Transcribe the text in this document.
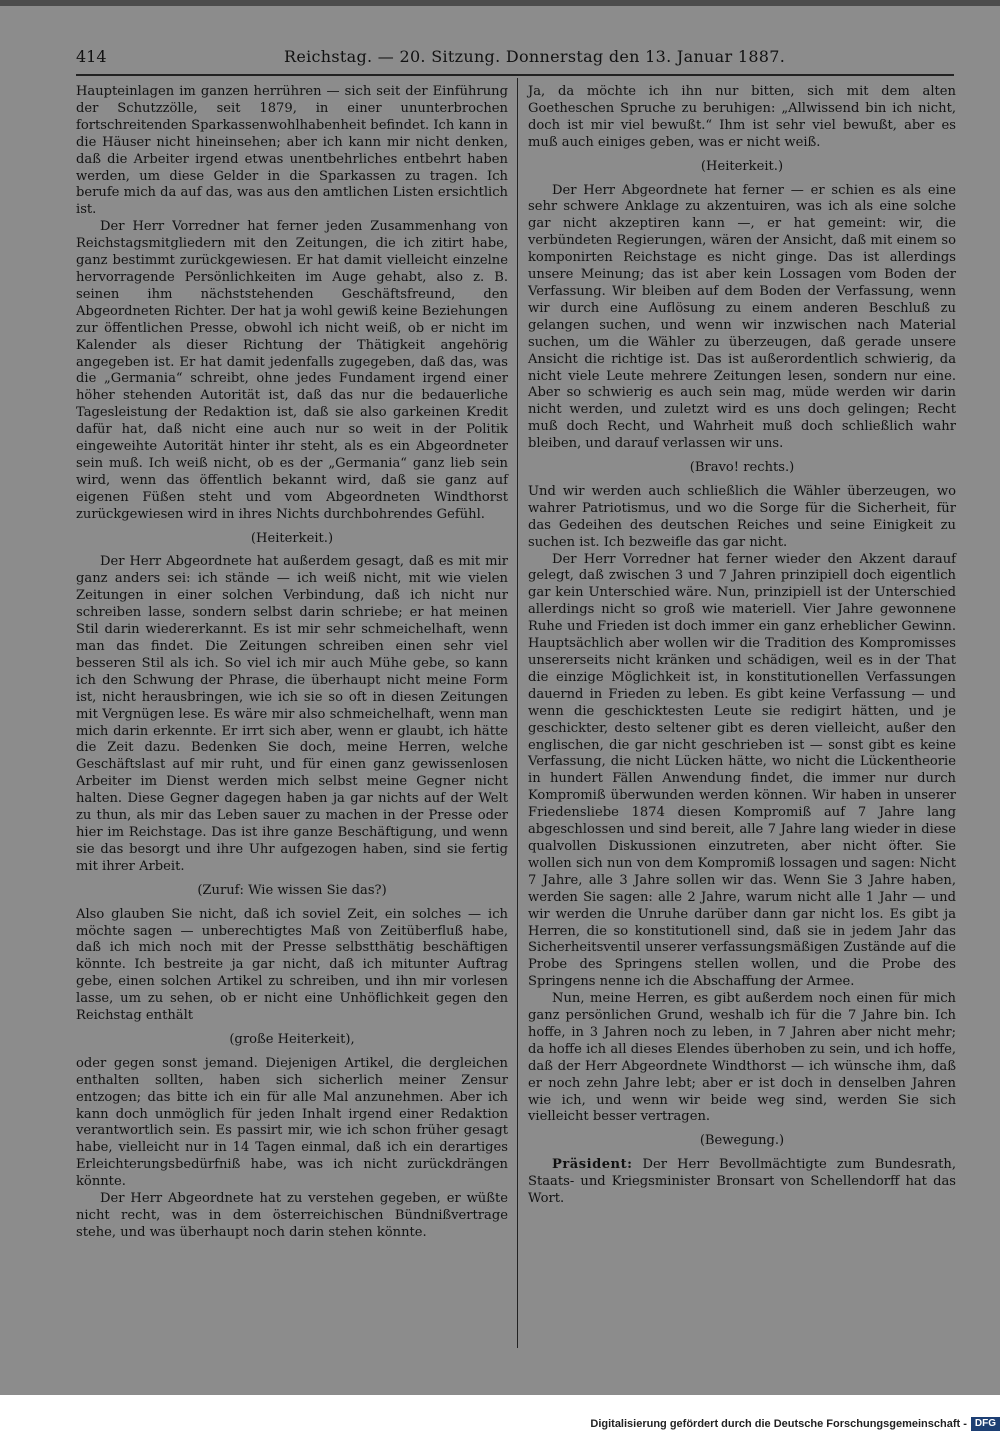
414	Reichstag. — 20. Sitzung. Donnerstag den 13. Januar 1887.

Haupteinlagen im ganzen herrühren — sich seit der Einführung der Schutzzölle, seit 1879, in einer ununterbrochen fortschreitenden Sparkassenwohlhabenheit befindet. Ich kann in die Häuser nicht hineinsehen; aber ich kann mir nicht denken, daß die Arbeiter irgend etwas unentbehrliches entbehrt haben werden, um diese Gelder in die Sparkassen zu tragen. Ich berufe mich da auf das, was aus den amtlichen Listen ersichtlich ist.

Der Herr Vorredner hat ferner jeden Zusammenhang von Reichstagsmitgliedern mit den Zeitungen, die ich zitirt habe, ganz bestimmt zurückgewiesen. Er hat damit vielleicht einzelne hervorragende Persönlichkeiten im Auge gehabt, also z. B. seinen ihm nächststehenden Geschäftsfreund, den Abgeordneten Richter. Der hat ja wohl gewiß keine Beziehungen zur öffentlichen Presse, obwohl ich nicht weiß, ob er nicht im Kalender als dieser Richtung der Thätigkeit angehörig angegeben ist. Er hat damit jedenfalls zugegeben, daß das, was die „Germania“ schreibt, ohne jedes Fundament irgend einer höher stehenden Autorität ist, daß das nur die bedauerliche Tagesleistung der Redaktion ist, daß sie also garkeinen Kredit dafür hat, daß nicht eine auch nur so weit in der Politik eingeweihte Autorität hinter ihr steht, als es ein Abgeordneter sein muß. Ich weiß nicht, ob es der „Germania“ ganz lieb sein wird, wenn das öffentlich bekannt wird, daß sie ganz auf eigenen Füßen steht und vom Abgeordneten Windthorst zurückgewiesen wird in ihres Nichts durchbohrendes Gefühl.

(Heiterkeit.)

Der Herr Abgeordnete hat außerdem gesagt, daß es mit mir ganz anders sei: ich stände — ich weiß nicht, mit wie vielen Zeitungen in einer solchen Verbindung, daß ich nicht nur schreiben lasse, sondern selbst darin schriebe; er hat meinen Stil darin wiedererkannt. Es ist mir sehr schmeichelhaft, wenn man das findet. Die Zeitungen schreiben einen sehr viel besseren Stil als ich. So viel ich mir auch Mühe gebe, so kann ich den Schwung der Phrase, die überhaupt nicht meine Form ist, nicht herausbringen, wie ich sie so oft in diesen Zeitungen mit Vergnügen lese. Es wäre mir also schmeichelhaft, wenn man mich darin erkennte. Er irrt sich aber, wenn er glaubt, ich hätte die Zeit dazu. Bedenken Sie doch, meine Herren, welche Geschäftslast auf mir ruht, und für einen ganz gewissenlosen Arbeiter im Dienst werden mich selbst meine Gegner nicht halten. Diese Gegner dagegen haben ja gar nichts auf der Welt zu thun, als mir das Leben sauer zu machen in der Presse oder hier im Reichstage. Das ist ihre ganze Beschäftigung, und wenn sie das besorgt und ihre Uhr aufgezogen haben, sind sie fertig mit ihrer Arbeit.

(Zuruf: Wie wissen Sie das?)

Also glauben Sie nicht, daß ich soviel Zeit, ein solches — ich möchte sagen — unberechtigtes Maß von Zeitüberfluß habe, daß ich mich noch mit der Presse selbstthätig beschäftigen könnte. Ich bestreite ja gar nicht, daß ich mitunter Auftrag gebe, einen solchen Artikel zu schreiben, und ihn mir vorlesen lasse, um zu sehen, ob er nicht eine Unhöflichkeit gegen den Reichstag enthält

(große Heiterkeit),

oder gegen sonst jemand. Diejenigen Artikel, die dergleichen enthalten sollten, haben sich sicherlich meiner Zensur entzogen; das bitte ich ein für alle Mal anzunehmen. Aber ich kann doch unmöglich für jeden Inhalt irgend einer Redaktion verantwortlich sein. Es passirt mir, wie ich schon früher gesagt habe, vielleicht nur in 14 Tagen einmal, daß ich ein derartiges Erleichterungsbedürfniß habe, was ich nicht zurückdrängen könnte.

Der Herr Abgeordnete hat zu verstehen gegeben, er wüßte nicht recht, was in dem österreichischen Bündnißvertrage stehe, und was überhaupt noch darin stehen könnte.

Ja, da möchte ich ihn nur bitten, sich mit dem alten Goetheschen Spruche zu beruhigen: „Allwissend bin ich nicht, doch ist mir viel bewußt.“ Ihm ist sehr viel bewußt, aber es muß auch einiges geben, was er nicht weiß.

(Heiterkeit.)

Der Herr Abgeordnete hat ferner — er schien es als eine sehr schwere Anklage zu akzentuiren, was ich als eine solche gar nicht akzeptiren kann —, er hat gemeint: wir, die verbündeten Regierungen, wären der Ansicht, daß mit einem so komponirten Reichstage es nicht ginge. Das ist allerdings unsere Meinung; das ist aber kein Lossagen vom Boden der Verfassung. Wir bleiben auf dem Boden der Verfassung, wenn wir durch eine Auflösung zu einem anderen Beschluß zu gelangen suchen, und wenn wir inzwischen nach Material suchen, um die Wähler zu überzeugen, daß gerade unsere Ansicht die richtige ist. Das ist außerordentlich schwierig, da nicht viele Leute mehrere Zeitungen lesen, sondern nur eine. Aber so schwierig es auch sein mag, müde werden wir darin nicht werden, und zuletzt wird es uns doch gelingen; Recht muß doch Recht, und Wahrheit muß doch schließlich wahr bleiben, und darauf verlassen wir uns.

(Bravo! rechts.)

Und wir werden auch schließlich die Wähler überzeugen, wo wahrer Patriotismus, und wo die Sorge für die Sicherheit, für das Gedeihen des deutschen Reiches und seine Einigkeit zu suchen ist. Ich bezweifle das gar nicht.

Der Herr Vorredner hat ferner wieder den Akzent darauf gelegt, daß zwischen 3 und 7 Jahren prinzipiell doch eigentlich gar kein Unterschied wäre. Nun, prinzipiell ist der Unterschied allerdings nicht so groß wie materiell. Vier Jahre gewonnene Ruhe und Frieden ist doch immer ein ganz erheblicher Gewinn. Hauptsächlich aber wollen wir die Tradition des Kompromisses unsererseits nicht kränken und schädigen, weil es in der That die einzige Möglichkeit ist, in konstitutionellen Verfassungen dauernd in Frieden zu leben. Es gibt keine Verfassung — und wenn die geschicktesten Leute sie redigirt hätten, und je geschickter, desto seltener gibt es deren vielleicht, außer den englischen, die gar nicht geschrieben ist — sonst gibt es keine Verfassung, die nicht Lücken hätte, wo nicht die Lückentheorie in hundert Fällen Anwendung findet, die immer nur durch Kompromiß überwunden werden können. Wir haben in unserer Friedensliebe 1874 diesen Kompromiß auf 7 Jahre lang abgeschlossen und sind bereit, alle 7 Jahre lang wieder in diese qualvollen Diskussionen einzutreten, aber nicht öfter. Sie wollen sich nun von dem Kompromiß lossagen und sagen: Nicht 7 Jahre, alle 3 Jahre sollen wir das. Wenn Sie 3 Jahre haben, werden Sie sagen: alle 2 Jahre, warum nicht alle 1 Jahr — und wir werden die Unruhe darüber dann gar nicht los. Es gibt ja Herren, die so konstitutionell sind, daß sie in jedem Jahr das Sicherheitsventil unserer verfassungsmäßigen Zustände auf die Probe des Springens stellen wollen, und die Probe des Springens nenne ich die Abschaffung der Armee.

Nun, meine Herren, es gibt außerdem noch einen für mich ganz persönlichen Grund, weshalb ich für die 7 Jahre bin. Ich hoffe, in 3 Jahren noch zu leben, in 7 Jahren aber nicht mehr; da hoffe ich all dieses Elendes überhoben zu sein, und ich hoffe, daß der Herr Abgeordnete Windthorst — ich wünsche ihm, daß er noch zehn Jahre lebt; aber er ist doch in denselben Jahren wie ich, und wenn wir beide weg sind, werden Sie sich vielleicht besser vertragen.

(Bewegung.)

Präsident: Der Herr Bevollmächtigte zum Bundesrath, Staats- und Kriegsminister Bronsart von Schellendorff hat das Wort.

Digitalisierung gefördert durch die Deutsche Forschungsgemeinschaft - DFG
